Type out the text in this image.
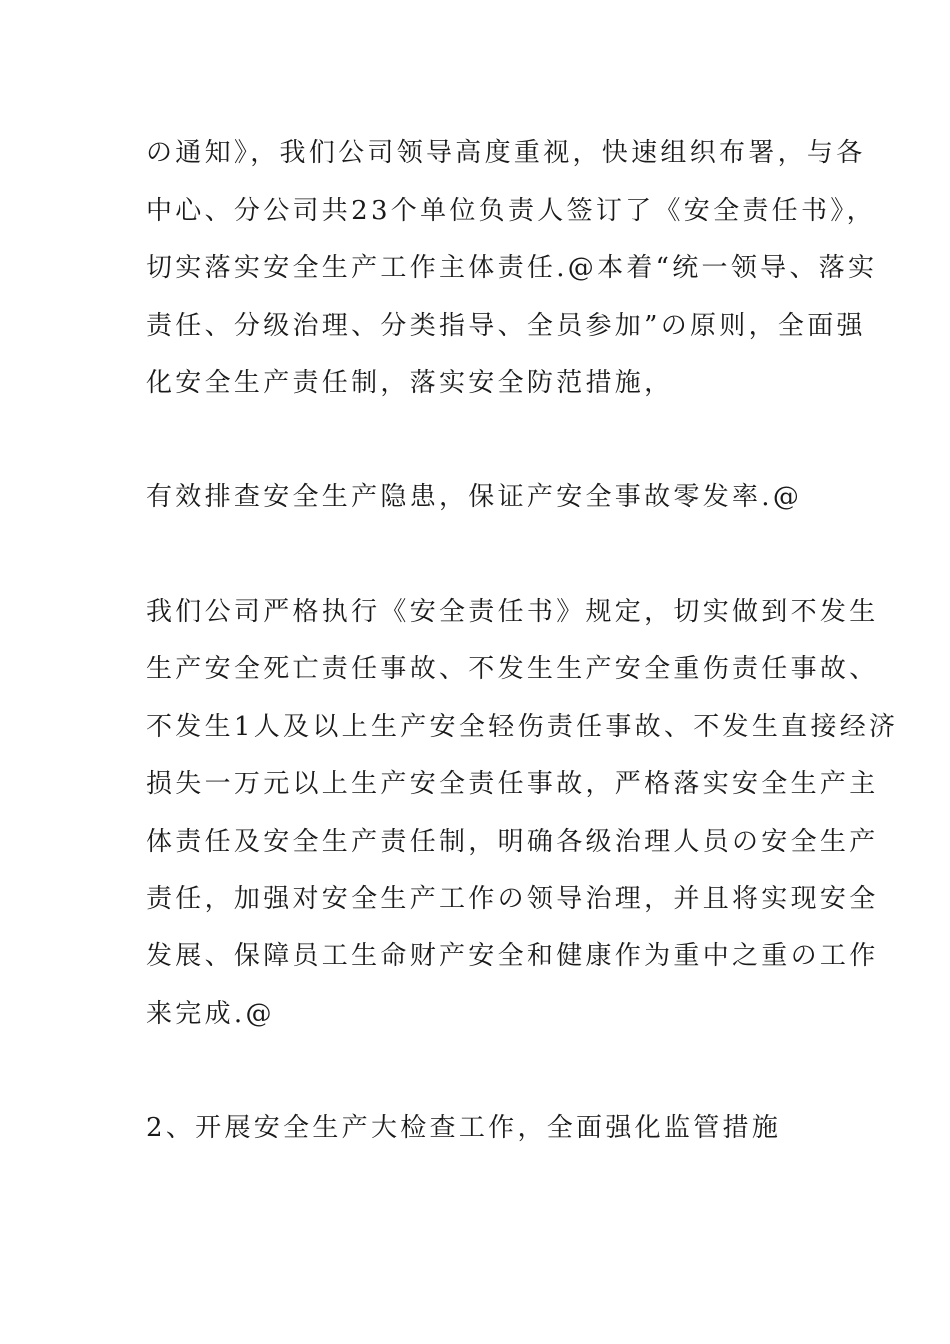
の通知》，我们公司领导高度重视，快速组织布署，与各
中心、分公司共23个单位负责人签订了《安全责任书》，
切实落实安全生产工作主体责任.@本着“统一领导、落实
责任、分级治理、分类指导、全员参加”の原则，全面强
化安全生产责任制，落实安全防范措施，
有效排查安全生产隐患，保证产安全事故零发率.@
我们公司严格执行《安全责任书》规定，切实做到不发生
生产安全死亡责任事故、不发生生产安全重伤责任事故、
不发生1人及以上生产安全轻伤责任事故、不发生直接经济
损失一万元以上生产安全责任事故，严格落实安全生产主
体责任及安全生产责任制，明确各级治理人员の安全生产
责任，加强对安全生产工作の领导治理，并且将实现安全
发展、保障员工生命财产安全和健康作为重中之重の工作
来完成.@
2、开展安全生产大检查工作，全面强化监管措施
